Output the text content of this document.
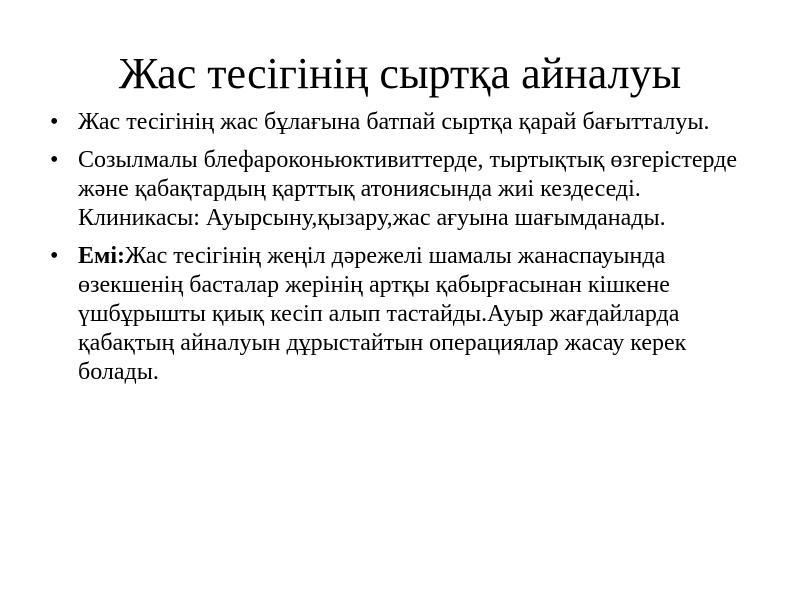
Жас тесігінің сыртқа айналуы
• Жас тесігінің жас бұлағына батпай сыртқа қарай бағытталуы.
• Созылмалы блефароконьюктивиттерде, тыртықтық өзгерістерде және қабақтардың қарттық атониясында жиі кездеседі. Клиникасы: Ауырсыну,қызару,жас ағуына шағымданады.
• Емі:Жас тесігінің жеңіл дәрежелі шамалы жанаспауында өзекшенің басталар жерінің артқы қабырғасынан кішкене үшбұрышты қиық кесіп алып тастайды.Ауыр жағдайларда қабақтың айналуын дұрыстайтын операциялар жасау керек болады.
